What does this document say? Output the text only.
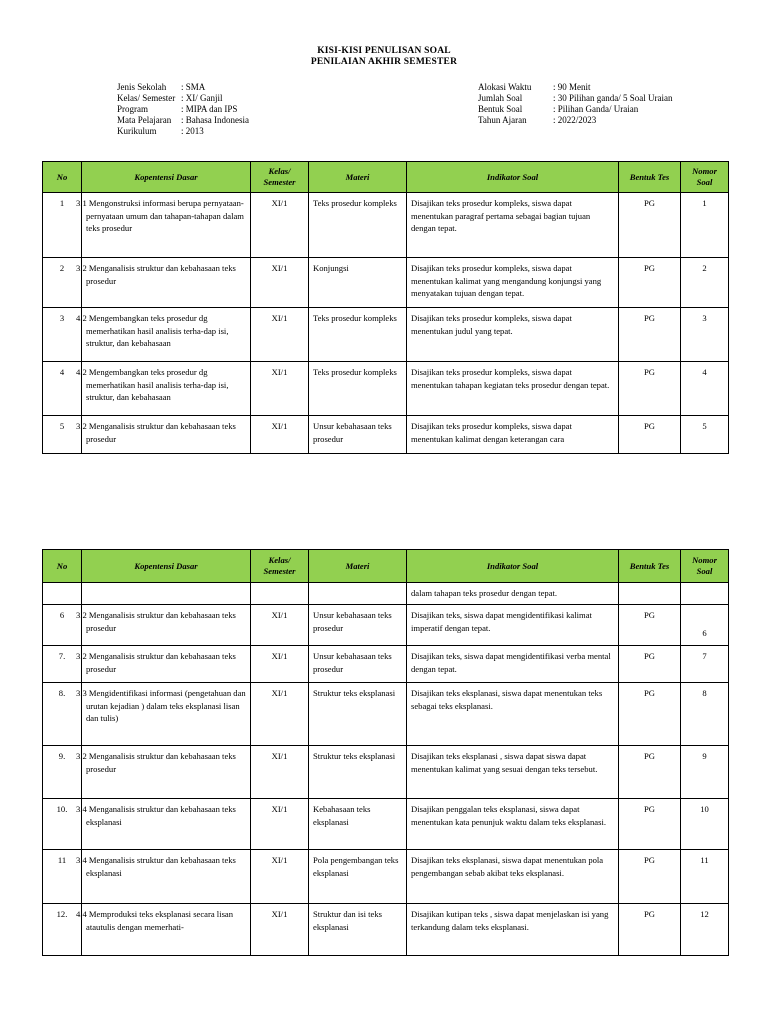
KISI-KISI PENULISAN SOAL
PENILAIAN AKHIR SEMESTER
Jenis Sekolah : SMA
Kelas/ Semester : XI/ Ganjil
Program	: MIPA dan IPS
Mata Pelajaran : Bahasa Indonesia
Kurikulum	: 2013
Alokasi Waktu : 90 Menit
Jumlah Soal	: 30 Pilihan ganda/ 5 Soal Uraian
Bentuk Soal	: Pilihan Ganda/ Uraian
Tahun Ajaran	: 2022/2023
No	Kopentensi Dasar	Kelas/ Semester	Materi	Indikator Soal	Bentuk Tes	Nomor Soal
1	3.1 Mengonstruksi informasi berupa pernyataan-pernyataan umum dan tahapan-tahapan dalam teks prosedur	XI/1	Teks prosedur kompleks	Disajikan teks prosedur kompleks, siswa dapat menentukan paragraf pertama sebagai bagian tujuan dengan tepat.	PG	1
2	3.2 Menganalisis struktur dan kebahasaan teks prosedur	XI/1	Konjungsi	Disajikan teks prosedur kompleks, siswa dapat menentukan kalimat yang mengandung konjungsi yang menyatakan tujuan dengan tepat.	PG	2
3	4.2 Mengembangkan teks prosedur dg memerhatikan hasil analisis terha-dap isi, struktur, dan kebahasaan	XI/1	Teks prosedur kompleks	Disajikan teks prosedur kompleks, siswa dapat menentukan judul yang tepat.	PG	3
4	4.2 Mengembangkan teks prosedur dg memerhatikan hasil analisis terha-dap isi, struktur, dan kebahasaan	XI/1	Teks prosedur kompleks	Disajikan teks prosedur kompleks, siswa dapat menentukan tahapan kegiatan teks prosedur dengan tepat.	PG	4
5	3.2 Menganalisis struktur dan kebahasaan teks prosedur	XI/1	Unsur kebahasaan teks prosedur	Disajikan teks prosedur kompleks, siswa dapat menentukan kalimat dengan keterangan cara	PG	5
No	Kopentensi Dasar	Kelas/ Semester	Materi	Indikator Soal	Bentuk Tes	Nomor Soal
				dalam tahapan teks prosedur dengan tepat.		
6	3.2 Menganalisis struktur dan kebahasaan teks prosedur	XI/1	Unsur kebahasaan teks prosedur	Disajikan teks, siswa dapat mengidentifikasi kalimat imperatif dengan tepat.	PG	6
7.	3.2 Menganalisis struktur dan kebahasaan teks prosedur	XI/1	Unsur kebahasaan teks prosedur	Disajikan teks, siswa dapat mengidentifikasi verba mental dengan tepat.	PG	7
8.	3.3 Mengidentifikasi informasi (pengetahuan dan urutan kejadian ) dalam teks eksplanasi lisan dan tulis)	XI/1	Struktur teks eksplanasi	Disajikan teks eksplanasi, siswa dapat menentukan teks sebagai teks eksplanasi.	PG	8
9.	3.2 Menganalisis struktur dan kebahasaan teks prosedur	XI/1	Struktur teks eksplanasi	Disajikan teks eksplanasi , siswa dapat siswa dapat menentukan kalimat yang sesuai dengan teks tersebut.	PG	9
10.	3.4 Menganalisis struktur dan kebahasaan teks eksplanasi	XI/1	Kebahasaan teks eksplanasi	Disajikan penggalan teks eksplanasi, siswa dapat menentukan kata penunjuk waktu dalam teks eksplanasi.	PG	10
11	3.4 Menganalisis struktur dan kebahasaan teks eksplanasi	XI/1	Pola pengembangan teks eksplanasi	Disajikan teks eksplanasi, siswa dapat menentukan pola pengembangan sebab akibat teks eksplanasi.	PG	11
12.	4.4 Memproduksi teks eksplanasi secara lisan atautulis dengan memerhati-	XI/1	Struktur dan isi teks eksplanasi	Disajikan kutipan teks , siswa dapat menjelaskan isi yang terkandung dalam teks eksplanasi.	PG	12
